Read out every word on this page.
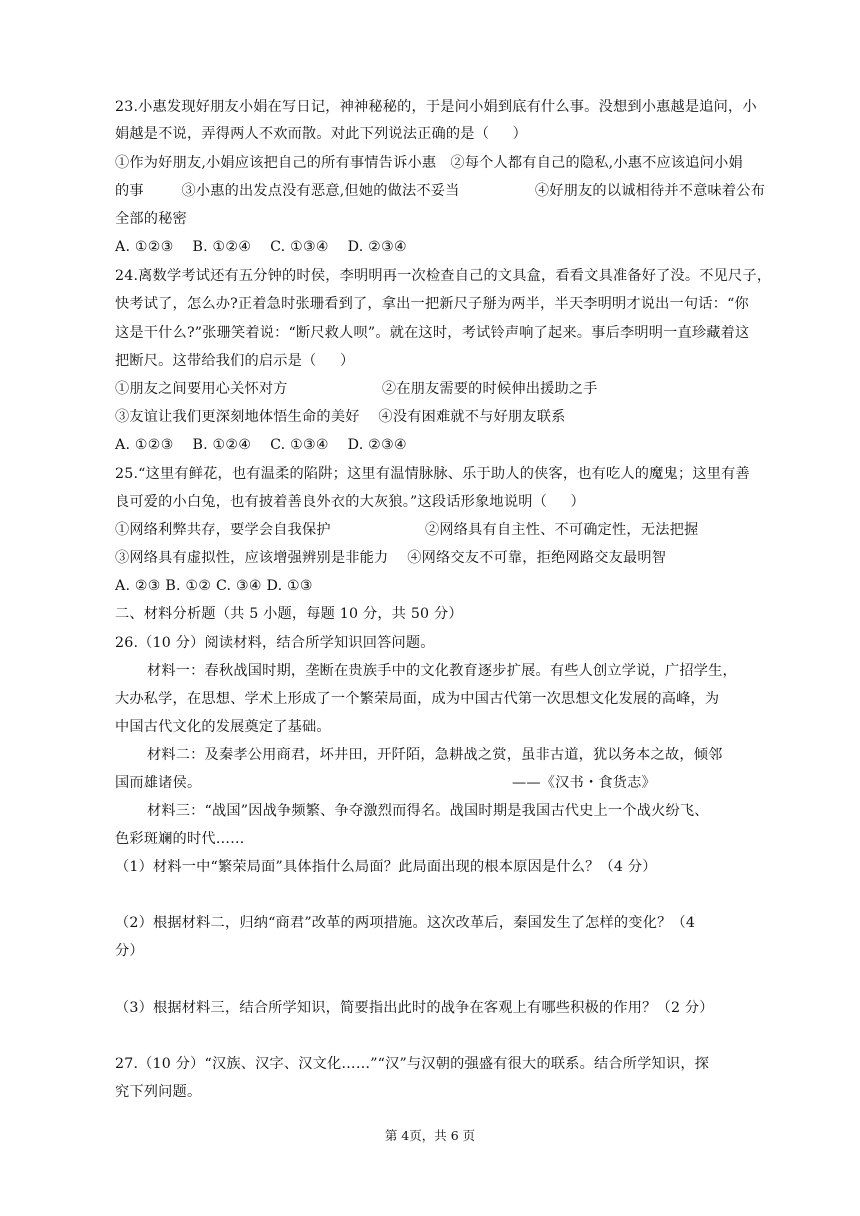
23.小惠发现好朋友小娟在写日记，神神秘秘的，于是问小娟到底有什么事。没想到小惠越是追问，小
娟越是不说，弄得两人不欢而散。对此下列说法正确的是（     ）
①作为好朋友,小娟应该把自己的所有事情告诉小惠   ②每个人都有自己的隐私,小惠不应该追问小娟
的事        ③小惠的出发点没有恶意,但她的做法不妥当                ④好朋友的以诚相待并不意味着公布
全部的秘密
A. ①②③    B. ①②④    C. ①③④    D. ②③④
24.离数学考试还有五分钟的时侯，李明明再一次检查自己的文具盒，看看文具准备好了没。不见尺子，
快考试了，怎么办?正着急时张珊看到了，拿出一把新尺子掰为两半，半天李明明才说出一句话：“你
这是干什么?”张珊笑着说：“断尺救人呗”。就在这时，考试铃声响了起来。事后李明明一直珍藏着这
把断尺。这带给我们的启示是（     ）
①朋友之间要用心关怀对方                    ②在朋友需要的时候伸出援助之手
③友谊让我们更深刻地体悟生命的美好    ④没有困难就不与好朋友联系
A. ①②③    B. ①②④    C. ①③④    D. ②③④
25.“这里有鲜花，也有温柔的陷阱；这里有温情脉脉、乐于助人的侠客，也有吃人的魔鬼；这里有善
良可爱的小白兔，也有披着善良外衣的大灰狼。”这段话形象地说明（     ）
①网络利弊共存，要学会自我保护                    ②网络具有自主性、不可确定性，无法把握
③网络具有虚拟性，应该增强辨别是非能力    ④网络交友不可靠，拒绝网路交友最明智
A. ②③ B. ①② C. ③④ D. ①③
二、材料分析题（共 5 小题，每题 10 分，共 50 分）
26.（10 分）阅读材料，结合所学知识回答问题。
材料一：春秋战国时期，垄断在贵族手中的文化教育逐步扩展。有些人创立学说，广招学生，
大办私学，在思想、学术上形成了一个繁荣局面，成为中国古代第一次思想文化发展的高峰，为
中国古代文化的发展奠定了基础。
材料二：及秦孝公用商君，坏井田，开阡陌，急耕战之赏，虽非古道，犹以务本之故，倾邻
国而雄诸侯。	——《汉书・食货志》
材料三：“战国”因战争频繁、争夺激烈而得名。战国时期是我国古代史上一个战火纷飞、
色彩斑斓的时代……
（1）材料一中“繁荣局面”具体指什么局面？此局面出现的根本原因是什么？（4 分）
（2）根据材料二，归纳“商君”改革的两项措施。这次改革后，秦国发生了怎样的变化？（4
分）
（3）根据材料三，结合所学知识，简要指出此时的战争在客观上有哪些积极的作用？（2 分）
27.（10 分）“汉族、汉字、汉文化……”“汉”与汉朝的强盛有很大的联系。结合所学知识，探
究下列问题。
第 4页，共 6 页
